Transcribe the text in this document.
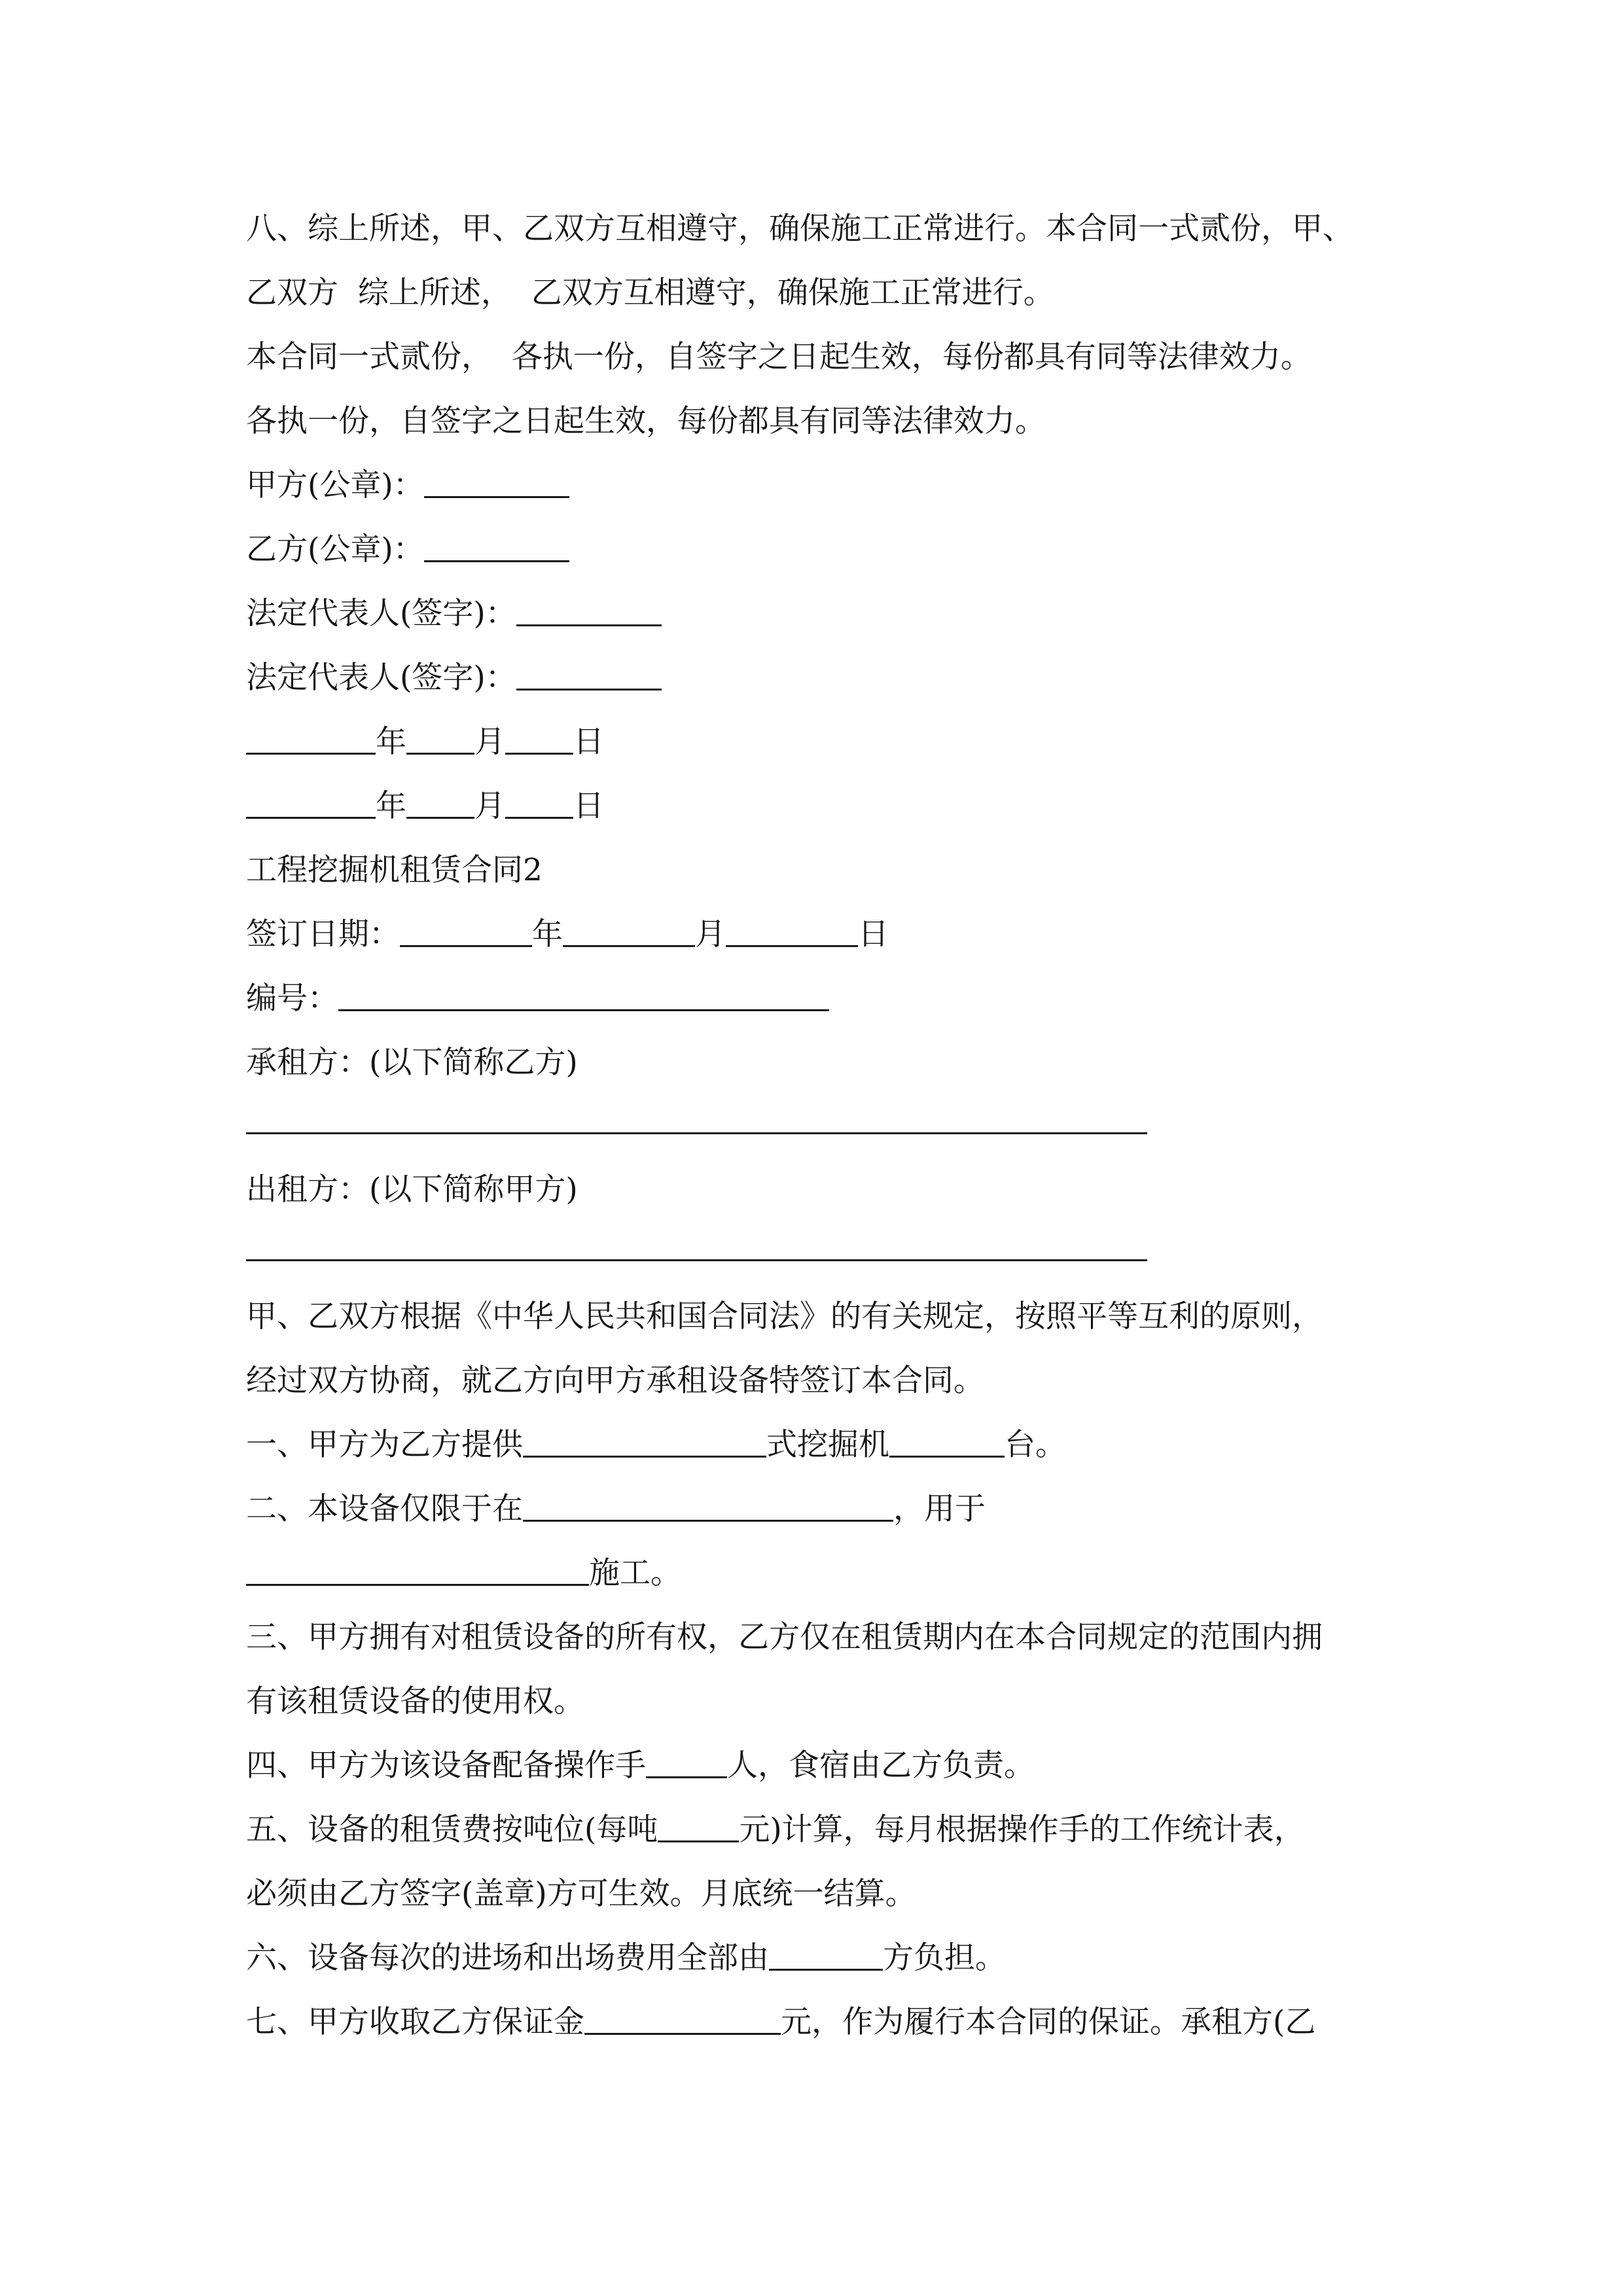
八、综上所述，甲、乙双方互相遵守，确保施工正常进行。本合同一式贰份，甲、
乙双方  综上所述，  乙双方互相遵守，确保施工正常进行。
本合同一式贰份，  各执一份，自签字之日起生效，每份都具有同等法律效力。
各执一份，自签字之日起生效，每份都具有同等法律效力。
甲方(公章)：
乙方(公章)：
法定代表人(签字)：
法定代表人(签字)：
年 月 日
年 月 日
工程挖掘机租赁合同2
签订日期：	年	月	日
编号：
承租方：(以下简称乙方)
出租方：(以下简称甲方)
甲、乙双方根据《中华人民共和国合同法》的有关规定，按照平等互利的原则，
经过双方协商，就乙方向甲方承租设备特签订本合同。
一、甲方为乙方提供	式挖掘机	台。
二、本设备仅限于在	，用于
施工。
三、甲方拥有对租赁设备的所有权，乙方仅在租赁期内在本合同规定的范围内拥
有该租赁设备的使用权。
四、甲方为该设备配备操作手	人，食宿由乙方负责。
五、设备的租赁费按吨位(每吨	元)计算，每月根据操作手的工作统计表，
必须由乙方签字(盖章)方可生效。月底统一结算。
六、设备每次的进场和出场费用全部由	方负担。
七、甲方收取乙方保证金	元，作为履行本合同的保证。承租方(乙
